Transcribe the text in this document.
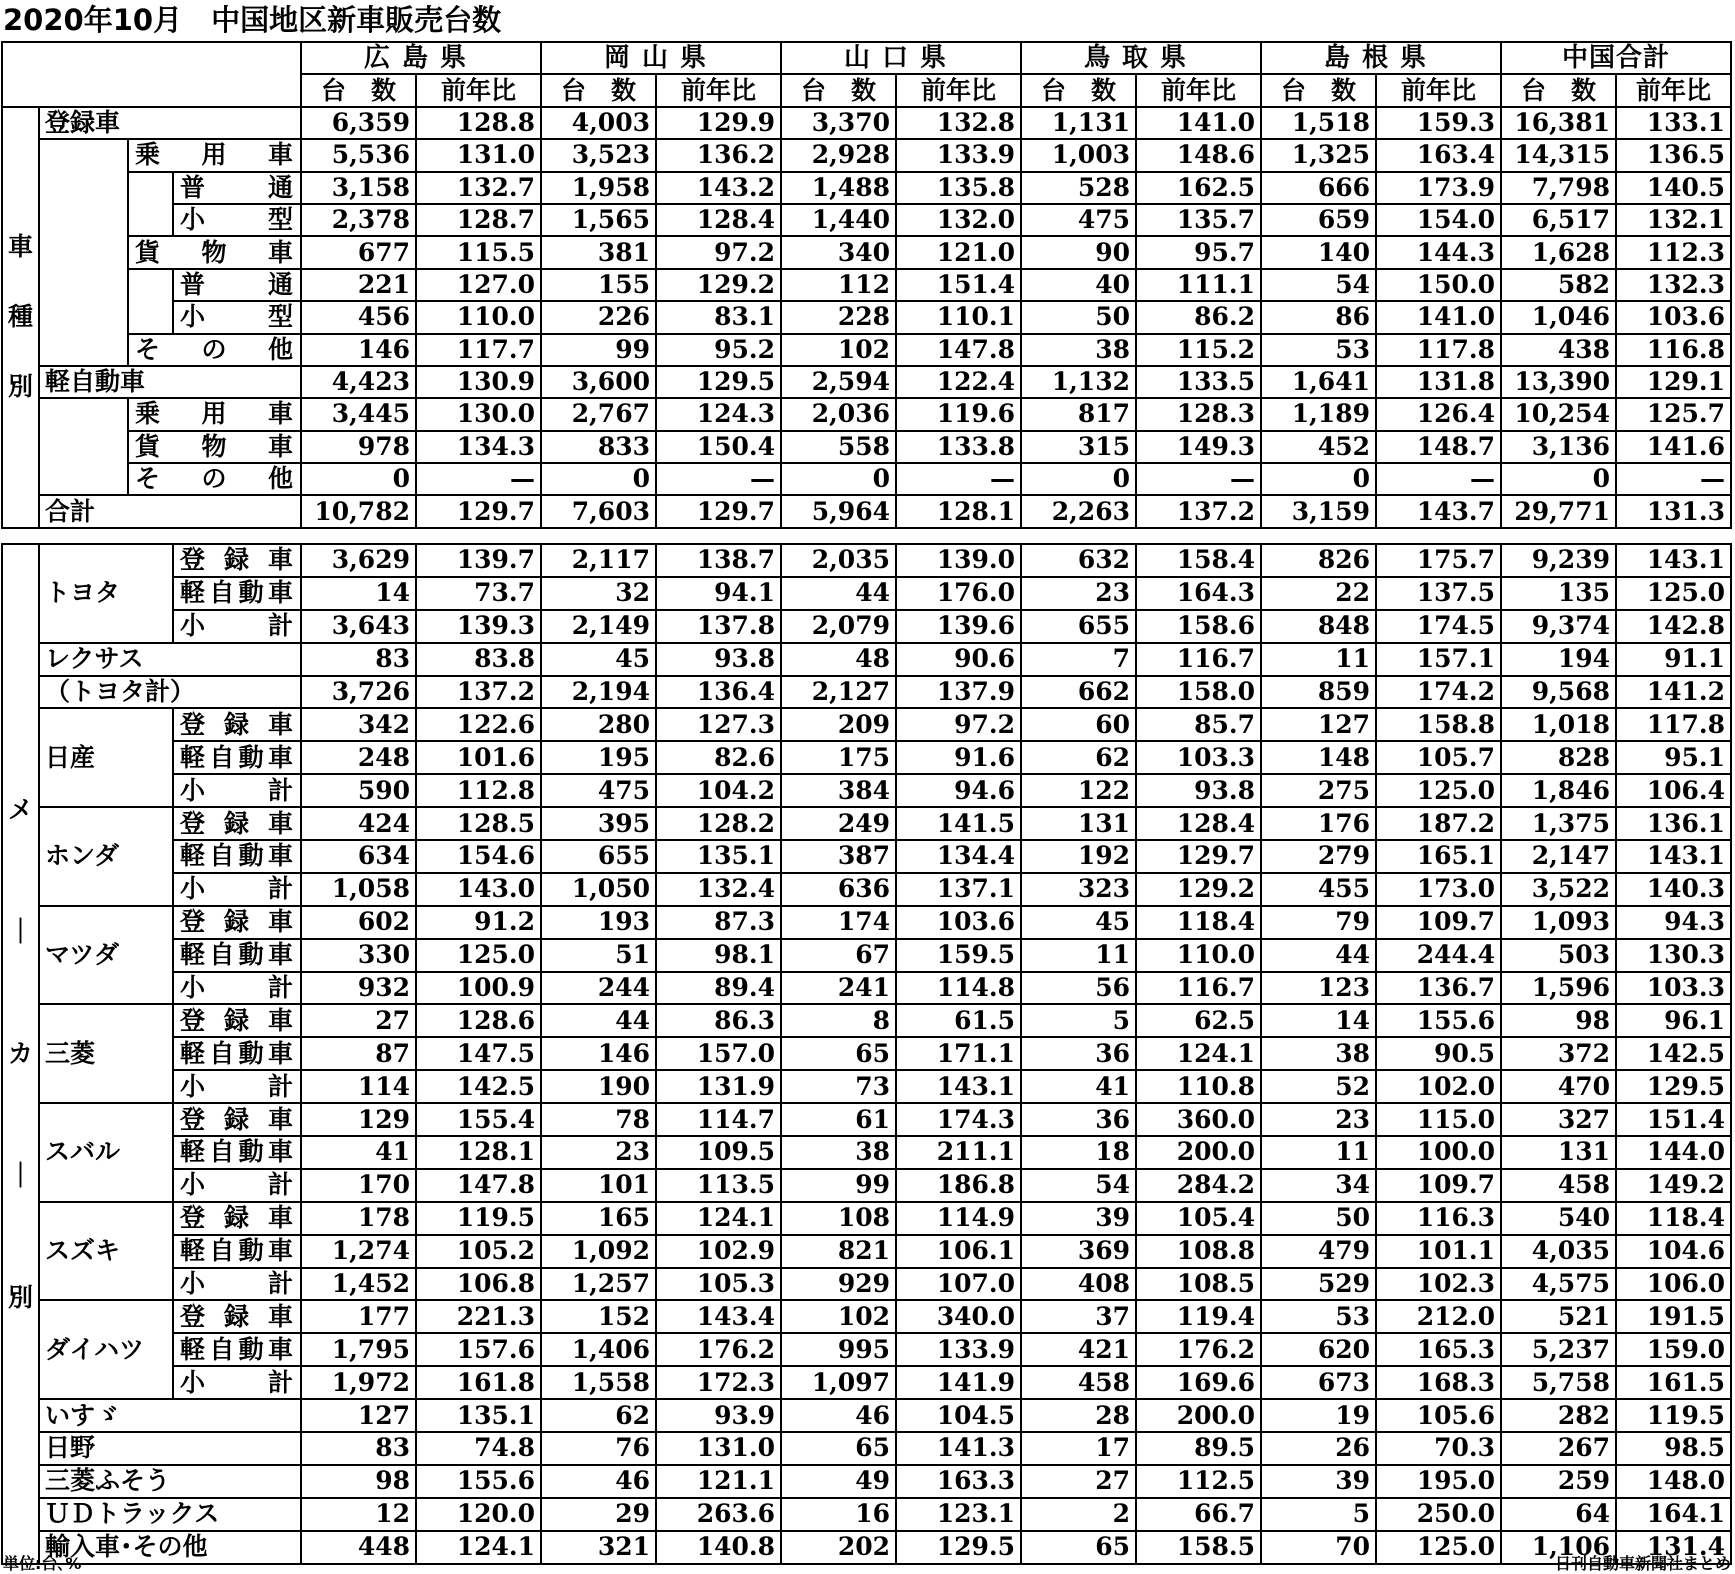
2020年10月　中国地区新車販売台数
				広島県		岡山県		山口県		鳥取県		島根県		中国合計	
				台　数	前年比	台　数	前年比	台　数	前年比	台　数	前年比	台　数	前年比	台　数	前年比

車
種
別	登録車			6,359	128.8	4,003	129.9	3,370	132.8	1,131	141.0	1,518	159.3	16,381	133.1
		乗用車		5,536	131.0	3,523	136.2	2,928	133.9	1,003	148.6	1,325	163.4	14,315	136.5
			普通	3,158	132.7	1,958	143.2	1,488	135.8	528	162.5	666	173.9	7,798	140.5
			小型	2,378	128.7	1,565	128.4	1,440	132.0	475	135.7	659	154.0	6,517	132.1
		貨物車		677	115.5	381	97.2	340	121.0	90	95.7	140	144.3	1,628	112.3
			普通	221	127.0	155	129.2	112	151.4	40	111.1	54	150.0	582	132.3
			小型	456	110.0	226	83.1	228	110.1	50	86.2	86	141.0	1,046	103.6
		その他		146	117.7	99	95.2	102	147.8	38	115.2	53	117.8	438	116.8
	軽自動車			4,423	130.9	3,600	129.5	2,594	122.4	1,132	133.5	1,641	131.8	13,390	129.1
		乗用車		3,445	130.0	2,767	124.3	2,036	119.6	817	128.3	1,189	126.4	10,254	125.7
		貨物車		978	134.3	833	150.4	558	133.8	315	149.3	452	148.7	3,136	141.6
		その他		0	—	0	—	0	—	0	—	0	—	0	—
	合計			10,782	129.7	7,603	129.7	5,964	128.1	2,263	137.2	3,159	143.7	29,771	131.3
メ
｜
カ
｜
別	トヨタ	登録車	3,629	139.7	2,117	138.7	2,035	139.0	632	158.4	826	175.7	9,239	143.1
		軽自動車	14	73.7	32	94.1	44	176.0	23	164.3	22	137.5	135	125.0
		小計	3,643	139.3	2,149	137.8	2,079	139.6	655	158.6	848	174.5	9,374	142.8
	レクサス		83	83.8	45	93.8	48	90.6	7	116.7	11	157.1	194	91.1
	（トヨタ計）		3,726	137.2	2,194	136.4	2,127	137.9	662	158.0	859	174.2	9,568	141.2
	日産	登録車	342	122.6	280	127.3	209	97.2	60	85.7	127	158.8	1,018	117.8
		軽自動車	248	101.6	195	82.6	175	91.6	62	103.3	148	105.7	828	95.1
		小計	590	112.8	475	104.2	384	94.6	122	93.8	275	125.0	1,846	106.4
	ホンダ	登録車	424	128.5	395	128.2	249	141.5	131	128.4	176	187.2	1,375	136.1
		軽自動車	634	154.6	655	135.1	387	134.4	192	129.7	279	165.1	2,147	143.1
		小計	1,058	143.0	1,050	132.4	636	137.1	323	129.2	455	173.0	3,522	140.3
	マツダ	登録車	602	91.2	193	87.3	174	103.6	45	118.4	79	109.7	1,093	94.3
		軽自動車	330	125.0	51	98.1	67	159.5	11	110.0	44	244.4	503	130.3
		小計	932	100.9	244	89.4	241	114.8	56	116.7	123	136.7	1,596	103.3
	三菱	登録車	27	128.6	44	86.3	8	61.5	5	62.5	14	155.6	98	96.1
		軽自動車	87	147.5	146	157.0	65	171.1	36	124.1	38	90.5	372	142.5
		小計	114	142.5	190	131.9	73	143.1	41	110.8	52	102.0	470	129.5
	スバル	登録車	129	155.4	78	114.7	61	174.3	36	360.0	23	115.0	327	151.4
		軽自動車	41	128.1	23	109.5	38	211.1	18	200.0	11	100.0	131	144.0
		小計	170	147.8	101	113.5	99	186.8	54	284.2	34	109.7	458	149.2
	スズキ	登録車	178	119.5	165	124.1	108	114.9	39	105.4	50	116.3	540	118.4
		軽自動車	1,274	105.2	1,092	102.9	821	106.1	369	108.8	479	101.1	4,035	104.6
		小計	1,452	106.8	1,257	105.3	929	107.0	408	108.5	529	102.3	4,575	106.0
	ダイハツ	登録車	177	221.3	152	143.4	102	340.0	37	119.4	53	212.0	521	191.5
		軽自動車	1,795	157.6	1,406	176.2	995	133.9	421	176.2	620	165.3	5,237	159.0
		小計	1,972	161.8	1,558	172.3	1,097	141.9	458	169.6	673	168.3	5,758	161.5
	いすゞ		127	135.1	62	93.9	46	104.5	28	200.0	19	105.6	282	119.5
	日野		83	74.8	76	131.0	65	141.3	17	89.5	26	70.3	267	98.5
	三菱ふそう		98	155.6	46	121.1	49	163.3	27	112.5	39	195.0	259	148.0
	ＵＤトラックス		12	120.0	29	263.6	16	123.1	2	66.7	5	250.0	64	164.1
	輸入車･その他		448	124.1	321	140.8	202	129.5	65	158.5	70	125.0	1,106	131.4
単位:台､%	日刊自動車新聞社まとめ
